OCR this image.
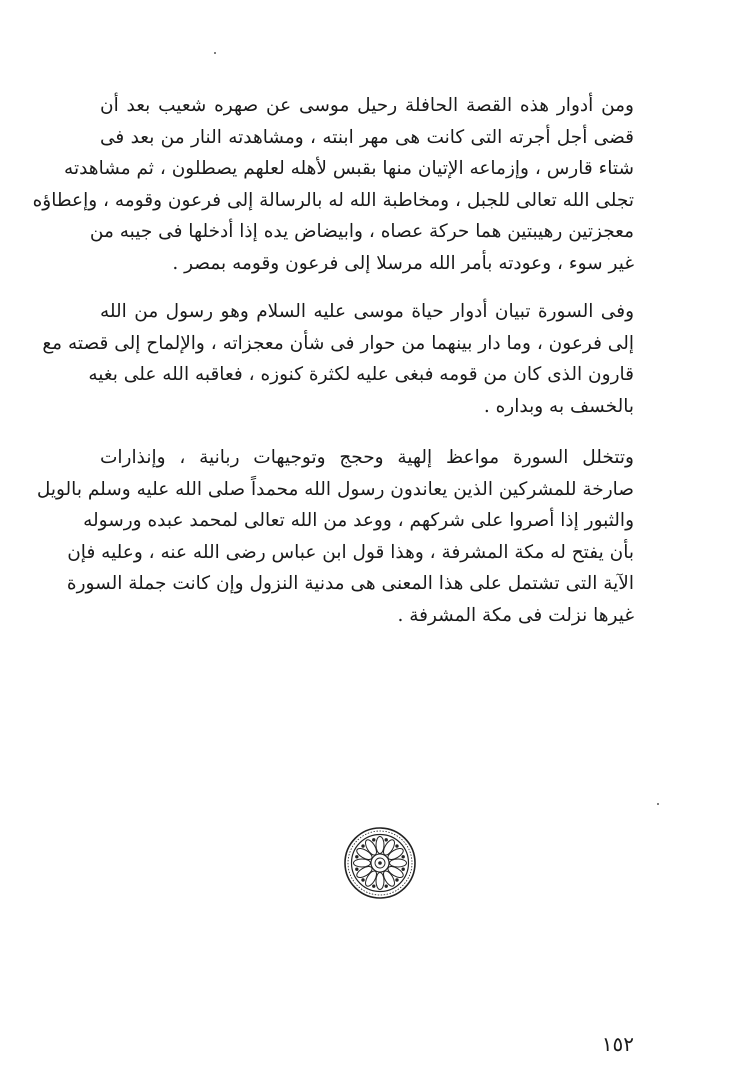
ومن أدوار هذه القصة الحافلة رحيل موسى عن صهره شعيب بعد أن
قضى أجل أجرته التى كانت هى مهر ابنته ، ومشاهدته النار من بعد فى
شتاء قارس ، وإزماعه الإتيان منها بقبس لأهله لعلهم يصطلون ، ثم مشاهدته
تجلى الله تعالى للجبل ، ومخاطبة الله له بالرسالة إلى فرعون وقومه ، وإعطاؤه
معجزتين رهيبتين هما حركة عصاه ، وابيضاض يده إذا أدخلها فى جيبه من
غير سوء ، وعودته بأمر الله مرسلا إلى فرعون وقومه بمصر .
وفى السورة تبيان أدوار حياة موسى عليه السلام وهو رسول من الله
إلى فرعون ، وما دار بينهما من حوار فى شأن معجزاته ، والإلماح إلى قصته مع
قارون الذى كان من قومه فبغى عليه لكثرة كنوزه ، فعاقبه الله على بغيه
بالخسف به وبداره .
وتتخلل السورة مواعظ إلهية وحجج وتوجيهات ربانية ، وإنذارات
صارخة للمشركين الذين يعاندون رسول الله محمداً صلى الله عليه وسلم بالويل
والثبور إذا أصروا على شركهم ، ووعد من الله تعالى لمحمد عبده ورسوله
بأن يفتح له مكة المشرفة ، وهذا قول ابن عباس رضى الله عنه ، وعليه فإن
الآية التى تشتمل على هذا المعنى هى مدنية النزول وإن كانت جملة السورة
غيرها نزلت فى مكة المشرفة .
١٥٢
